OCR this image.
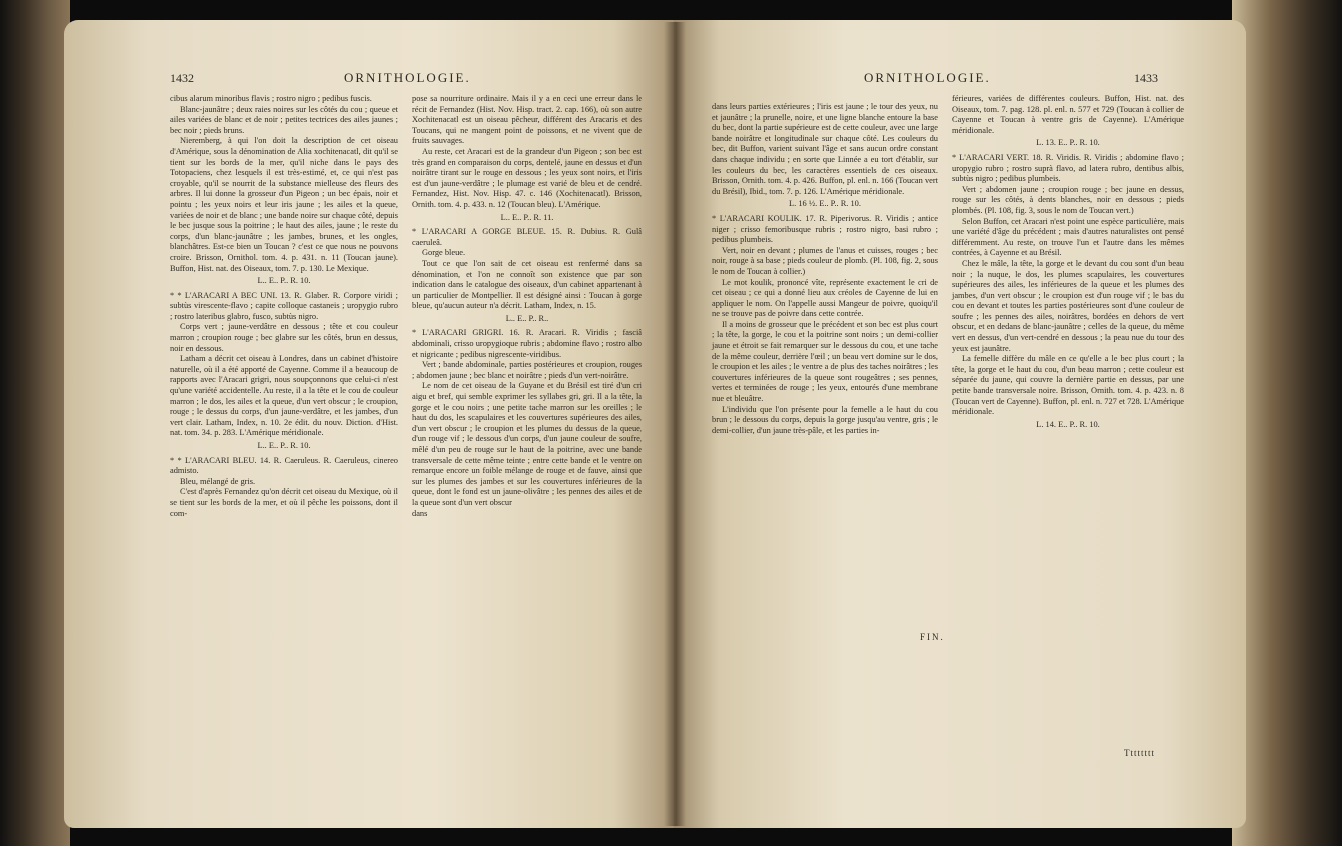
1432	ORNITHOLOGIE.

cibus alarum minoribus flavis ; rostro nigro ; pedibus fuscis.

Blanc-jaunâtre ; deux raies noires sur les côtés du cou ; queue et ailes variées de blanc et de noir ; petites tectrices des ailes jaunes ; bec noir ; pieds bruns.

Nieremberg, à qui l'on doit la description de cet oiseau d'Amérique, sous la dénomination de Alia xochitenacatl, dit qu'il se tient sur les bords de la mer, qu'il niche dans le pays des Totopaciens, chez lesquels il est très-estimé, et, ce qui n'est pas croyable, qu'il se nourrit de la substance mielleuse des fleurs des arbres. Il lui donne la grosseur d'un Pigeon ; un bec épais, noir et pointu ; les yeux noirs et leur iris jaune ; les ailes et la queue, variées de noir et de blanc ; une bande noire sur chaque côté, depuis le bec jusque sous la poitrine ; le haut des ailes, jaune ; le reste du corps, d'un blanc-jaunâtre ; les jambes, brunes, et les ongles, blanchâtres. Est-ce bien un Toucan ? c'est ce que nous ne pouvons croire. Brisson, Ornithol. tom. 4. p. 431. n. 11 (Toucan jaune). Buffon, Hist. nat. des Oiseaux, tom. 7. p. 130. Le Mexique.

L.. E.. P.. R. 10.

* * L'ARACARI A BEC UNI. 13. R. Glaber. R. Corpore viridi ; subtùs virescente-flavo ; capite colloque castaneis ; uropygio rubro ; rostro lateribus glabro, fusco, subtùs nigro.

Corps vert ; jaune-verdâtre en dessous ; tête et cou couleur marron ; croupion rouge ; bec glabre sur les côtés, brun en dessus, noir en dessous.

Latham a décrit cet oiseau à Londres, dans un cabinet d'histoire naturelle, où il a été apporté de Cayenne. Comme il a beaucoup de rapports avec l'Aracari grigri, nous soupçonnons que celui-ci n'est qu'une variété accidentelle. Au reste, il a la tête et le cou de couleur marron ; le dos, les ailes et la queue, d'un vert obscur ; le croupion, rouge ; le dessus du corps, d'un jaune-verdâtre, et les jambes, d'un vert clair. Latham, Index, n. 10. 2e édit. du nouv. Diction. d'Hist. nat. tom. 34. p. 283. L'Amérique méridionale.

L.. E.. P.. R. 10.

* * L'ARACARI BLEU. 14. R. Caeruleus. R. Caeruleus, cinereo admisto.

Bleu, mélangé de gris.

C'est d'après Fernandez qu'on décrit cet oiseau du Mexique, où il se tient sur les bords de la mer, et où il pêche les poissons, dont il com-

pose sa nourriture ordinaire. Mais il y a en ceci une erreur dans le récit de Fernandez (Hist. Nov. Hisp. tract. 2. cap. 166), où son autre Xochitenacatl est un oiseau pêcheur, différent des Aracaris et des Toucans, qui ne mangent point de poissons, et ne vivent que de fruits sauvages.

Au reste, cet Aracari est de la grandeur d'un Pigeon ; son bec est très grand en comparaison du corps, dentelé, jaune en dessus et d'un noirâtre tirant sur le rouge en dessous ; les yeux sont noirs, et l'iris est d'un jaune-verdâtre ; le plumage est varié de bleu et de cendré. Fernandez, Hist. Nov. Hisp. 47. c. 146 (Xochitenacatl). Brisson, Ornith. tom. 4. p. 433. n. 12 (Toucan bleu). L'Amérique.

L.. E.. P.. R. 11.

* L'ARACARI A GORGE BLEUE. 15. R. Dubius. R. Gulâ caeruleâ.

Gorge bleue.

Tout ce que l'on sait de cet oiseau est renfermé dans sa dénomination, et l'on ne connoît son existence que par son indication dans le catalogue des oiseaux, d'un cabinet appartenant à un particulier de Montpellier. Il est désigné ainsi : Toucan à gorge bleue, qu'aucun auteur n'a décrit. Latham, Index, n. 15.

L.. E.. P.. R..

* L'ARACARI GRIGRI. 16. R. Aracari. R. Viridis ; fasciâ abdominali, crisso uropygioque rubris ; abdomine flavo ; rostro albo et nigricante ; pedibus nigrescente-viridibus.

Vert ; bande abdominale, parties postérieures et croupion, rouges ; abdomen jaune ; bec blanc et noirâtre ; pieds d'un vert-noirâtre.

Le nom de cet oiseau de la Guyane et du Brésil est tiré d'un cri aigu et bref, qui semble exprimer les syllabes gri, gri. Il a la tête, la gorge et le cou noirs ; une petite tache marron sur les oreilles ; le haut du dos, les scapulaires et les couvertures supérieures des ailes, d'un vert obscur ; le croupion et les plumes du dessus de la queue, d'un rouge vif ; le dessous d'un corps, d'un jaune couleur de soufre, mêlé d'un peu de rouge sur le haut de la poitrine, avec une bande transversale de cette même teinte ; entre cette bande et le ventre on remarque encore un foible mélange de rouge et de fauve, ainsi que sur les plumes des jambes et sur les couvertures inférieures de la queue, dont le fond est un jaune-olivâtre ; les pennes des ailes et de la queue sont d'un vert obscur

dans

ORNITHOLOGIE.	1433

dans leurs parties extérieures ; l'iris est jaune ; le tour des yeux, nu et jaunâtre ; la prunelle, noire, et une ligne blanche entoure la base du bec, dont la partie supérieure est de cette couleur, avec une large bande noirâtre et longitudinale sur chaque côté. Les couleurs du bec, dit Buffon, varient suivant l'âge et sans aucun ordre constant dans chaque individu ; en sorte que Linnée a eu tort d'établir, sur les couleurs du bec, les caractères essentiels de ces oiseaux. Brisson, Ornith. tom. 4. p. 426. Buffon, pl. enl. n. 166 (Toucan vert du Brésil), Ibid., tom. 7. p. 126. L'Amérique méridionale.

L. 16 ½. E.. P.. R. 10.

* L'ARACARI KOULIK. 17. R. Piperivorus. R. Viridis ; antice niger ; crisso femoribusque rubris ; rostro nigro, basi rubro ; pedibus plumbeis.

Vert, noir en devant ; plumes de l'anus et cuisses, rouges ; bec noir, rouge à sa base ; pieds couleur de plomb. (Pl. 108, fig. 2, sous le nom de Toucan à collier.)

Le mot koulik, prononcé vîte, représente exactement le cri de cet oiseau ; ce qui a donné lieu aux créoles de Cayenne de lui en appliquer le nom. On l'appelle aussi Mangeur de poivre, quoiqu'il ne se trouve pas de poivre dans cette contrée.

Il a moins de grosseur que le précédent et son bec est plus court ; la tête, la gorge, le cou et la poitrine sont noirs ; un demi-collier jaune et étroit se fait remarquer sur le dessous du cou, et une tache de la même couleur, derrière l'œil ; un beau vert domine sur le dos, le croupion et les ailes ; le ventre a de plus des taches noirâtres ; les couvertures inférieures de la queue sont rougeâtres ; ses pennes, vertes et terminées de rouge ; les yeux, entourés d'une membrane nue et bleuâtre.

L'individu que l'on présente pour la femelle a le haut du cou brun ; le dessous du corps, depuis la gorge jusqu'au ventre, gris ; le demi-collier, d'un jaune très-pâle, et les parties in-

férieures, variées de différentes couleurs. Buffon, Hist. nat. des Oiseaux, tom. 7. pag. 128. pl. enl. n. 577 et 729 (Toucan à collier de Cayenne et Toucan à ventre gris de Cayenne). L'Amérique méridionale.

L. 13. E.. P.. R. 10.

* L'ARACARI VERT. 18. R. Viridis. R. Viridis ; abdomine flavo ; uropygio rubro ; rostro suprà flavo, ad latera rubro, dentibus albis, subtùs nigro ; pedibus plumbeis.

Vert ; abdomen jaune ; croupion rouge ; bec jaune en dessus, rouge sur les côtés, à dents blanches, noir en dessous ; pieds plombés. (Pl. 108, fig. 3, sous le nom de Toucan vert.)

Selon Buffon, cet Aracari n'est point une espèce particulière, mais une variété d'âge du précédent ; mais d'autres naturalistes ont pensé différemment. Au reste, on trouve l'un et l'autre dans les mêmes contrées, à Cayenne et au Brésil.

Chez le mâle, la tête, la gorge et le devant du cou sont d'un beau noir ; la nuque, le dos, les plumes scapulaires, les couvertures supérieures des ailes, les inférieures de la queue et les plumes des jambes, d'un vert obscur ; le croupion est d'un rouge vif ; le bas du cou en devant et toutes les parties postérieures sont d'une couleur de soufre ; les pennes des ailes, noirâtres, bordées en dehors de vert obscur, et en dedans de blanc-jaunâtre ; celles de la queue, du même vert en dessus, d'un vert-cendré en dessous ; la peau nue du tour des yeux est jaunâtre.

La femelle diffère du mâle en ce qu'elle a le bec plus court ; la tête, la gorge et le haut du cou, d'un beau marron ; cette couleur est séparée du jaune, qui couvre la dernière partie en dessus, par une petite bande transversale noire. Brisson, Ornith. tom. 4. p. 423. n. 8 (Toucan vert de Cayenne). Buffon, pl. enl. n. 727 et 728. L'Amérique méridionale.

L. 14. E.. P.. R. 10.

FIN.
Tttttttt
